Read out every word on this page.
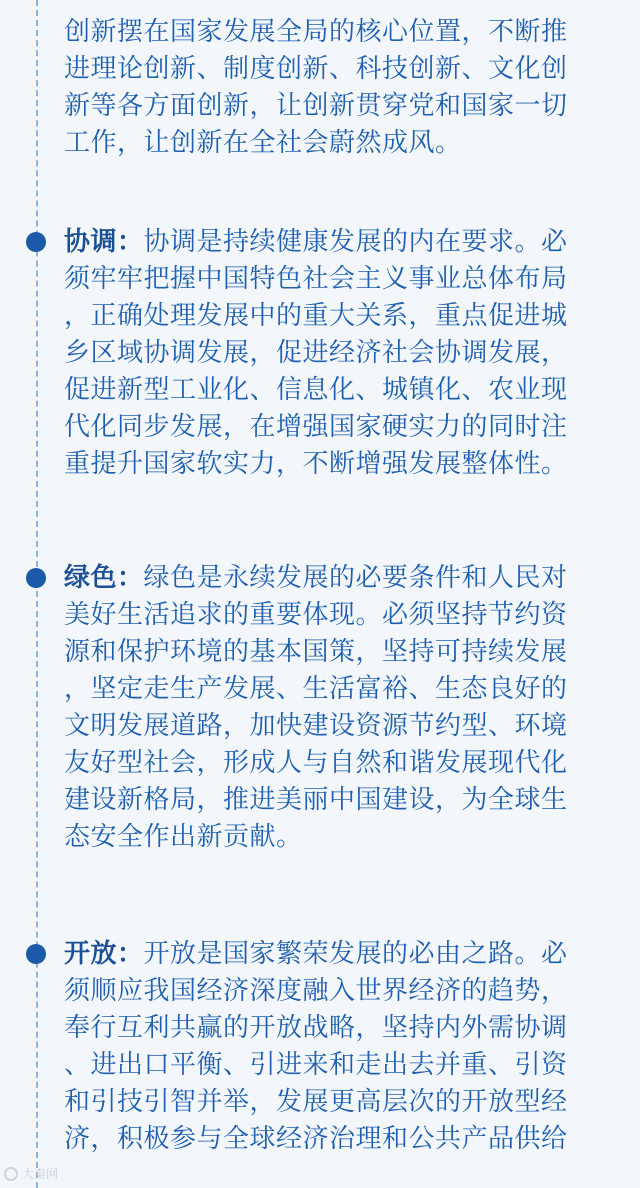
创新摆在国家发展全局的核心位置，不断推
进理论创新、制度创新、科技创新、文化创
新等各方面创新，让创新贯穿党和国家一切
工作，让创新在全社会蔚然成风。
协调：协调是持续健康发展的内在要求。必
须牢牢把握中国特色社会主义事业总体布局
，正确处理发展中的重大关系，重点促进城
乡区域协调发展，促进经济社会协调发展，
促进新型工业化、信息化、城镇化、农业现
代化同步发展，在增强国家硬实力的同时注
重提升国家软实力，不断增强发展整体性。
绿色：绿色是永续发展的必要条件和人民对
美好生活追求的重要体现。必须坚持节约资
源和保护环境的基本国策，坚持可持续发展
，坚定走生产发展、生活富裕、生态良好的
文明发展道路，加快建设资源节约型、环境
友好型社会，形成人与自然和谐发展现代化
建设新格局，推进美丽中国建设，为全球生
态安全作出新贡献。
开放：开放是国家繁荣发展的必由之路。必
须顺应我国经济深度融入世界经济的趋势，
奉行互利共赢的开放战略，坚持内外需协调
、进出口平衡、引进来和走出去并重、引资
和引技引智并举，发展更高层次的开放型经
济，积极参与全球经济治理和公共产品供给
大秦网
